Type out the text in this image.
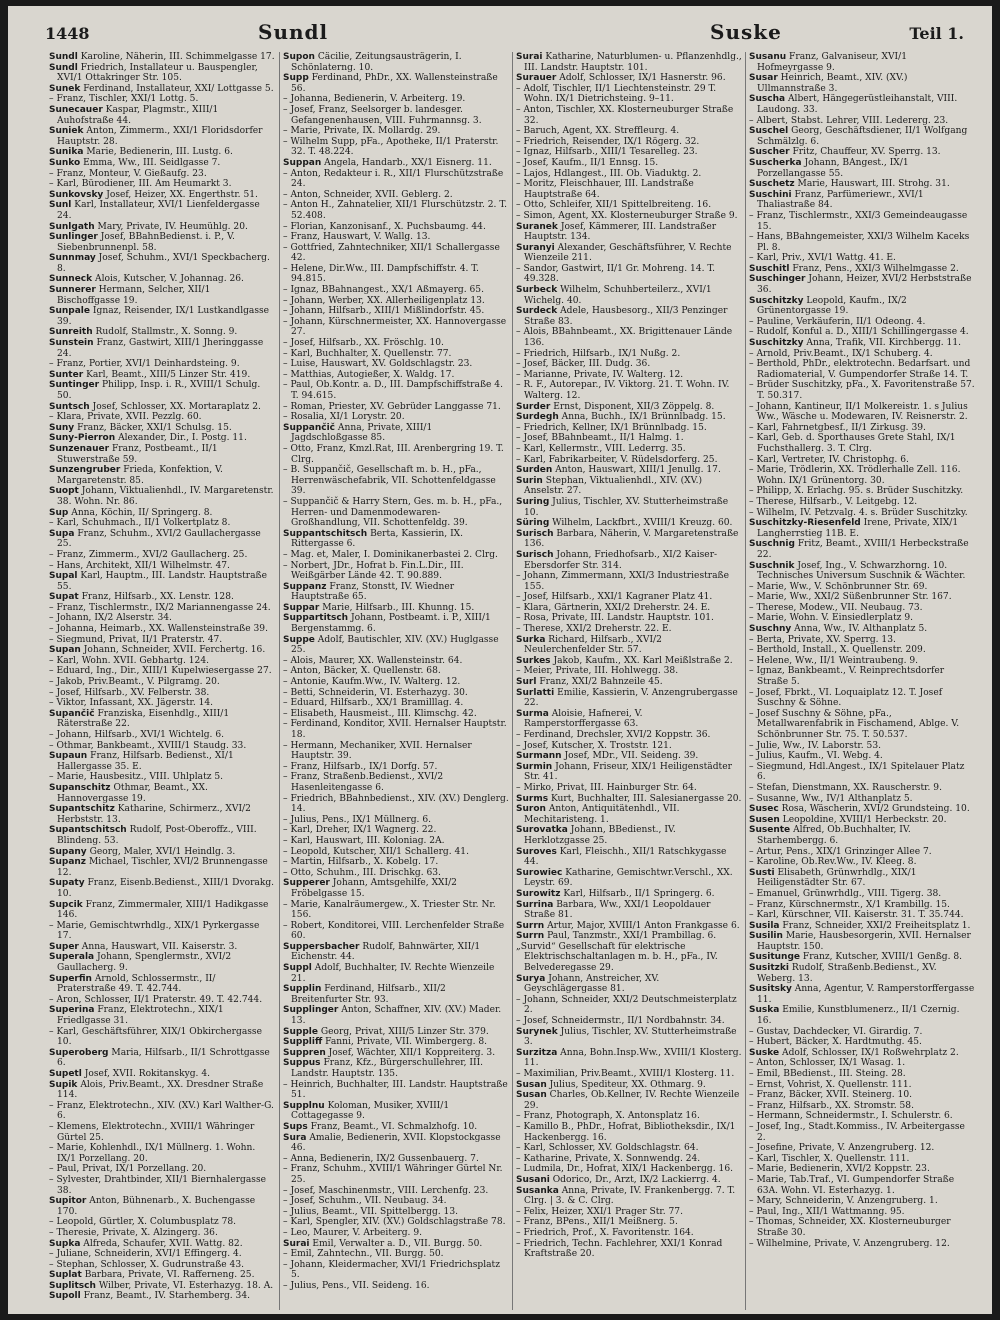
1448	Sundl	Suske	Teil 1.

Sundl Karoline, Näherin, III. Schimmelgasse 17.

Sundl Friedrich, Installateur u. Bauspengler, XVI/1 Ottakringer Str. 105.

Sunek Ferdinand, Installateur, XXI/ Lottgasse 5.

– Franz, Tischler, XXI/1 Lottg. 5.

Sunecauer Kaspar, Plagmstr., XIII/1 Auhofstraße 44.

Suniek Anton, Zimmerm., XXI/1 Floridsdorfer Hauptstr. 28.

Sunika Marie, Bedienerin, III. Lustg. 6.

Sunko Emma, Ww., III. Seidlgasse 7.

– Franz, Monteur, V. Gießaufg. 23.

– Karl, Bürodiener, III. Am Heumarkt 3.

Sunkovsky Josef, Heizer, XX. Engerthstr. 51.

Sunl Karl, Installateur, XVI/1 Lienfeldergasse 24.

Sunlgath Mary, Private, IV. Heumühlg. 20.

Sunlinger Josef, BBahnBedienst. i. P., V. Siebenbrunnenpl. 58.

Sunnmay Josef, Schuhm., XVI/1 Speckbacherg. 8.

Sunneck Alois, Kutscher, V. Johannag. 26.

Sunnerer Hermann, Selcher, XII/1 Bischoffgasse 19.

Sunpale Ignaz, Reisender, IX/1 Lustkandlgasse 39.

Sunreith Rudolf, Stallmstr., X. Sonng. 9.

Sunstein Franz, Gastwirt, XIII/1 Jheringgasse 24.

– Franz, Portier, XVI/1 Deinhardsteing. 9.

Sunter Karl, Beamt., XIII/5 Linzer Str. 419.

Suntinger Philipp, Insp. i. R., XVIII/1 Schulg. 50.

Suntsch Josef, Schlosser, XX. Mortaraplatz 2.

– Klara, Private, XVII. Pezzlg. 60.

Suny Franz, Bäcker, XXI/1 Schulsg. 15.

Suny-Pierron Alexander, Dir., I. Postg. 11.

Sunzenauer Franz, Postbeamt., II/1 Stuwerstraße 59.

Sunzengruber Frieda, Konfektion, V. Margaretenstr. 85.

Suopt Johann, Viktualienhdl., IV. Margaretenstr. 38. Wohn. Nr. 86.

Sup Anna, Köchin, II/ Springerg. 8.

– Karl, Schuhmach., II/1 Volkertplatz 8.

Supa Franz, Schuhm., XVI/2 Gaullachergasse 25.

– Franz, Zimmerm., XVI/2 Gaullacherg. 25.

– Hans, Architekt, XII/1 Wilhelmstr. 47.

Supal Karl, Hauptm., III. Landstr. Hauptstraße 55.

Supat Franz, Hilfsarb., XX. Lenstr. 128.

– Franz, Tischlermstr., IX/2 Mariannengasse 24.

– Johann, IX/2 Alserstr. 34.

– Johanna, Heimarb., XX. Wallensteinstraße 39.

– Siegmund, Privat, II/1 Praterstr. 47.

Supan Johann, Schneider, XVII. Ferchertg. 16.

– Karl, Wohn. XVII. Gebhartg. 124.

– Eduard, Ing., Dir., XIII/1 Kupelwiesergasse 27.

– Jakob, Priv.Beamt., V. Pilgramg. 20.

– Josef, Hilfsarb., XV. Felberstr. 38.

– Viktor, Infassant, XX. Jägerstr. 14.

Supančič Franziska, Eisenhdlg., XIII/1 Räterstraße 22.

– Johann, Hilfsarb., XVI/1 Wichtelg. 6.

– Othmar, Bankbeamt., XVIII/1 Staudg. 33.

Supaun Franz, Hilfsarb. Bedienst., XI/1 Hallergasse 35. E.

– Marie, Hausbesitz., VIII. Uhlplatz 5.

Supanschitz Othmar, Beamt., XX. Hannovergasse 19.

Supantschitz Katharine, Schirmerz., XVI/2 Herbststr. 13.

Supantschitsch Rudolf, Post-Oberoffz., VIII. Blindeng. 53.

Supany Georg, Maler, XVI/1 Heindlg. 3.

Supanz Michael, Tischler, XVI/2 Brunnengasse 12.

Supaty Franz, Eisenb.Bedienst., XIII/1 Dvorakg. 10.

Supcik Franz, Zimmermaler, XIII/1 Hadikgasse 146.

– Marie, Gemischtwrhdlg., XIX/1 Pyrkergasse 17.

Super Anna, Hauswart, VII. Kaiserstr. 3.

Superala Johann, Spenglermstr., XVI/2 Gaullacherg. 9.

Superfin Arnold, Schlossermstr., II/ Praterstraße 49. T. 42.744.

– Aron, Schlosser, II/1 Praterstr. 49. T. 42.744.

Superina Franz, Elektrotechn., XIX/1 Friedlgasse 31.

– Karl, Geschäftsführer, XIX/1 Obkirchergasse 10.

Superoberg Maria, Hilfsarb., II/1 Schrottgasse 6.

Supetl Josef, XVII. Rokitanskyg. 4.

Supik Alois, Priv.Beamt., XX. Dresdner Straße 114.

– Franz, Elektrotechn., XIV. (XV.) Karl Walther-G. 6.

– Klemens, Elektrotechn., XVIII/1 Währinger Gürtel 25.

– Marie, Kohlenhdl., IX/1 Müllnerg. 1. Wohn. IX/1 Porzellang. 20.

– Paul, Privat, IX/1 Porzellang. 20.

– Sylvester, Drahtbinder, XII/1 Biernhalergasse 38.

Supitor Anton, Bühnenarb., X. Buchengasse 170.

– Leopold, Gürtler, X. Columbusplatz 78.

– Theresie, Private, X. Alzingerg. 36.

Supka Alfreda, Schaufer, XVII. Wattg. 82.

– Juliane, Schneiderin, XVI/1 Effingerg. 4.

– Stephan, Schlosser, X. Gudrunstraße 43.

Suplat Barbara, Private, VI. Rafferneng. 25.

Suplitsch Wilber, Private, VI. Esterhazyg. 18. A.

Supoll Franz, Beamt., IV. Starhemberg. 34.

Supon Cäcilie, Zeitungsausträgerin, I. Schönlaterng. 10.

Supp Ferdinand, PhDr., XX. Wallensteinstraße 56.

– Johanna, Bedienerin, V. Arbeiterg. 19.

– Josef, Franz, Seelsorger b. landesger. Gefangenenhausen, VIII. Fuhrmannsg. 3.

– Marie, Private, IX. Mollardg. 29.

– Wilhelm Supp, pFa., Apotheke, II/1 Praterstr. 32. T. 48.224.

Suppan Angela, Handarb., XX/1 Eisnerg. 11.

– Anton, Redakteur i. R., XII/1 Flurschützstraße 24.

– Anton, Schneider, XVII. Geblerg. 2.

– Anton H., Zahnatelier, XII/1 Flurschützstr. 2. T. 52.408.

– Florian, Kanzonisanf., X. Puchsbaumg. 44.

– Franz, Hauswart, V. Wallg. 13.

– Gottfried, Zahntechniker, XII/1 Schallergasse 42.

– Helene, Dir.Ww., III. Dampfschiffstr. 4. T. 94.815.

– Ignaz, BBahnangest., XX/1 Aßmayerg. 65.

– Johann, Werber, XX. Allerheiligenplatz 13.

– Johann, Hilfsarb., XIII/1 Mißlindorfstr. 45.

– Johann, Kürschnermeister, XX. Hannovergasse 27.

– Josef, Hilfsarb., XX. Fröschlg. 10.

– Karl, Buchhalter, X. Quellenstr. 77.

– Luise, Hauswart, XV. Goldschlagstr. 23.

– Matthias, Autogießer, X. Waldg. 17.

– Paul, Ob.Kontr. a. D., III. Dampfschiffstraße 4. T. 94.615.

– Roman, Priester, XV. Gebrüder Langgasse 71.

– Rosalia, XI/1 Lorystr. 20.

Suppančič Anna, Private, XIII/1 Jagdschloßgasse 85.

– Otto, Franz, Kmzl.Rat, III. Arenbergring 19. T. Clrg.

– B. Suppančič, Gesellschaft m. b. H., pFa., Herrenwäschefabrik, VII. Schottenfeldgasse 39.

– Suppančič & Harry Stern, Ges. m. b. H., pFa., Herren- und Damenmodewaren-Großhandlung, VII. Schottenfeldg. 39.

Suppantschitsch Berta, Kassierin, IX. Rittergasse 6.

– Mag. et, Maler, I. Dominikanerbastei 2. Clrg.

– Norbert, JDr., Hofrat b. Fin.L.Dir., III. Weißgärber Lände 42. T. 90.889.

Suppanz Franz, Stonstt, IV. Wiedner Hauptstraße 65.

Suppar Marie, Hilfsarb., III. Khunng. 15.

Suppartitsch Johann, Postbeamt. i. P., XIII/1 Bergenstammg. 6.

Suppe Adolf, Bautischler, XIV. (XV.) Huglgasse 25.

– Alois, Maurer, XX. Wallensteinstr. 64.

– Anton, Bäcker, X. Quellenstr. 68.

– Antonie, Kaufm.Ww., IV. Walterg. 12.

– Betti, Schneiderin, VI. Esterhazyg. 30.

– Eduard, Hilfsarb., XX/1 Bramilllag. 4.

– Elisabeth, Hausmeist., III. Klimschg. 42.

– Ferdinand, Konditor, XVII. Hernalser Hauptstr. 18.

– Hermann, Mechaniker, XVII. Hernalser Hauptstr. 39.

– Franz, Hilfsarb., IX/1 Dorfg. 57.

– Franz, Straßenb.Bedienst., XVI/2 Hasenleitengasse 6.

– Friedrich, BBahnbedienst., XIV. (XV.) Denglerg. 14.

– Julius, Pens., IX/1 Müllnerg. 6.

– Karl, Dreher, IX/1 Wagnerg. 22.

– Karl, Hauswart, III. Koloniag. 2A.

– Leopold, Kutscher, XII/1 Schallerg. 41.

– Martin, Hilfsarb., X. Kobelg. 17.

– Otto, Schuhm., III. Drischkg. 63.

Supperer Johann, Amtsgehilfe, XXI/2 Fröbelgasse 15.

– Marie, Kanalräumergew., X. Triester Str. Nr. 156.

– Robert, Konditorei, VIII. Lerchenfelder Straße 60.

Suppersbacher Rudolf, Bahnwärter, XII/1 Eichenstr. 44.

Suppl Adolf, Buchhalter, IV. Rechte Wienzeile 21.

Supplin Ferdinand, Hilfsarb., XII/2 Breitenfurter Str. 93.

Supplinger Anton, Schaffner, XIV. (XV.) Mader. 13.

Supple Georg, Privat, XIII/5 Linzer Str. 379.

Suppliff Fanni, Private, VII. Wimbergerg. 8.

Suppren Josef, Wächter, XII/1 Koppreiterg. 3.

Suppus Franz, Kfz., Bürgerschullehrer, III. Landstr. Hauptstr. 135.

– Heinrich, Buchhalter, III. Landstr. Hauptstraße 51.

Supplnu Koloman, Musiker, XVIII/1 Cottagegasse 9.

Sups Franz, Beamt., VI. Schmalzhofg. 10.

Sura Amalie, Bedienerin, XVII. Klopstockgasse 46.

– Anna, Bedienerin, IX/2 Gussenbauerg. 7.

– Franz, Schuhm., XVIII/1 Währinger Gürtel Nr. 25.

– Josef, Maschinenmstr., VIII. Lerchenfg. 23.

– Josef, Schuhm., VII. Neubaug. 34.

– Julius, Beamt., VII. Spittelbergg. 13.

– Karl, Spengler, XIV. (XV.) Goldschlagstraße 78.

– Leo, Maurer, V. Arbeiterg. 9.

Surai Emil, Verwalter a. D., VII. Burgg. 50.

– Emil, Zahntechn., VII. Burgg. 50.

– Johann, Kleidermacher, XVI/1 Friedrichsplatz 5.

– Julius, Pens., VII. Seideng. 16.

Surai Katharine, Naturblumen- u. Pflanzenhdlg., III. Landstr. Hauptstr. 101.

Surauer Adolf, Schlosser, IX/1 Hasnerstr. 96.

– Adolf, Tischler, II/1 Liechtensteinstr. 29 T. Wohn. IX/1 Dietrichsteing. 9–11.

– Anton, Tischler, XX. Klosterneuburger Straße 32.

– Baruch, Agent, XX. Streffleurg. 4.

– Friedrich, Reisender, IX/1 Rögerg. 32.

– Ignaz, Hilfsarb., XIII/1 Tesarelleg. 23.

– Josef, Kaufm., II/1 Ennsg. 15.

– Lajos, Hdlangest., III. Ob. Viaduktg. 2.

– Moritz, Fleischhauer, III. Landstraße Hauptstraße 64.

– Otto, Schleifer, XII/1 Spittelbreiteng. 16.

– Simon, Agent, XX. Klosterneuburger Straße 9.

Suranek Josef, Kämmerer, III. Landstraßer Hauptstr. 134.

Suranyi Alexander, Geschäftsführer, V. Rechte Wienzeile 211.

– Sandor, Gastwirt, II/1 Gr. Mohreng. 14. T. 49.328.

Surbeck Wilhelm, Schuhberteilerz., XVI/1 Wichelg. 40.

Surdeck Adele, Hausbesorg., XII/3 Penzinger Straße 83.

– Alois, BBahnbeamt., XX. Brigittenauer Lände 136.

– Friedrich, Hilfsarb., IX/1 Nußg. 2.

– Josef, Bäcker, III. Dudg. 36.

– Marianne, Private, IV. Walterg. 12.

– R. F., Autorepar., IV. Viktorg. 21. T. Wohn. IV. Walterg. 12.

Surder Ernst, Disponent, XII/3 Zöppelg. 8.

Surdegh Anna, Buchh., IX/1 Brünnlbadg. 15.

– Friedrich, Kellner, IX/1 Brünnlbadg. 15.

– Josef, BBahnbeamt., II/1 Halmg. 1.

– Karl, Kellermstr., VIII. Lederrg. 35.

– Karl, Fabrikarbeiter, V. Rüdelsdorferg. 25.

Surden Anton, Hauswart, XIII/1 Jenullg. 17.

Surin Stephan, Viktualienhdl., XIV. (XV.) Anselstr. 27.

Suring Julius, Tischler, XV. Stutterheimstraße 10.

Süring Wilhelm, Lackfbrt., XVIII/1 Kreuzg. 60.

Surisch Barbara, Näherin, V. Margaretenstraße 136.

Surisch Johann, Friedhofsarb., XI/2 Kaiser-Ebersdorfer Str. 314.

– Johann, Zimmermann, XXI/3 Industriestraße 155.

– Josef, Hilfsarb., XXI/1 Kagraner Platz 41.

– Klara, Gärtnerin, XXI/2 Dreherstr. 24. E.

– Rosa, Private, III. Landstr. Hauptstr. 101.

– Therese, XXI/2 Dreherstr. 22. E.

Surka Richard, Hilfsarb., XVI/2 Neulerchenfelder Str. 57.

Surkes Jakob, Kaufm., XX. Karl Meißlstraße 2.

– Meier, Private, III. Hohlwegg. 38.

Surl Franz, XXI/2 Bahnzeile 45.

Surlatti Emilie, Kassierin, V. Anzengrubergasse 22.

Surma Aloisie, Hafnerei, V. Ramperstorffergasse 63.

– Ferdinand, Drechsler, XVI/2 Koppstr. 36.

– Josef, Kutscher, X. Troststr. 121.

Surmann Josef, MDr., VII. Seideng. 39.

Surmin Johann, Friseur, XIX/1 Heiligenstädter Str. 41.

– Mirko, Privat, III. Hainburger Str. 64.

Surms Kurt, Buchhalter, III. Salesianergasse 20.

Suron Anton, Antiquitätenhdl., VII. Mechitaristeng. 1.

Surovatka Johann, BBedienst., IV. Herklotzgasse 25.

Suroves Karl, Fleischh., XII/1 Ratschkygasse 44.

Surowiec Katharine, Gemischtwr.Verschl., XX. Leystr. 69.

Surowitz Karl, Hilfsarb., II/1 Springerg. 6.

Surrina Barbara, Ww., XXI/1 Leopoldauer Straße 81.

Surrn Artur, Major, XVIII/1 Anton Frankgasse 6.

Surrn Paul, Tanzmstr., XXI/1 Prambillag. 6.

„Survid“ Gesellschaft für elektrische Elektrischschaltanlagen m. b. H., pFa., IV. Belvederegasse 29.

Surya Johann, Anstreicher, XV. Geyschlägergasse 81.

– Johann, Schneider, XXI/2 Deutschmeisterplatz 2.

– Josef, Schneidermstr., II/1 Nordbahnstr. 34.

Surynek Julius, Tischler, XV. Stutterheimstraße 3.

Surzitza Anna, Bohn.Insp.Ww., XVIII/1 Klosterg. 11.

– Maximilian, Priv.Beamt., XVIII/1 Klosterg. 11.

Susan Julius, Spediteur, XX. Othmarg. 9.

Susan Charles, Ob.Kellner, IV. Rechte Wienzeile 29.

– Franz, Photograph, X. Antonsplatz 16.

– Kamillo B., PhDr., Hofrat, Bibliotheksdir., IX/1 Hackenbergg. 16.

– Karl, Schlosser, XV. Goldschlagstr. 64.

– Katharine, Private, X. Sonnwendg. 24.

– Ludmila, Dr., Hofrat, XIX/1 Hackenbergg. 16.

Susani Odorico, Dr., Arzt, IX/2 Lackierrg. 4.

Susanka Anna, Private, IV. Frankenbergg. 7. T. Clrg. | 3. & C. Clrg.

– Felix, Heizer, XXI/1 Prager Str. 77.

– Franz, BPens., XII/1 Meißnerg. 5.

– Friedrich, Prof., X. Favoritenstr. 164.

– Friedrich, Techn. Fachlehrer, XXI/1 Konrad Kraftstraße 20.

Susanu Franz, Galvaniseur, XVI/1 Hofmeyrgasse 9.

Susar Heinrich, Beamt., XIV. (XV.) Ullmannstraße 3.

Suscha Albert, Hängegerüstleihanstalt, VIII. Laudong. 33.

– Albert, Stabst. Lehrer, VIII. Ledererg. 23.

Suschel Georg, Geschäftsdiener, II/1 Wolfgang Schmälzlg. 6.

Suscher Fritz, Chauffeur, XV. Sperrg. 13.

Suscherka Johann, BAngest., IX/1 Porzellangasse 55.

Suschetz Marie, Hauswart, III. Strohg. 31.

Suschini Franz, Parfümeriewr., XVI/1 Thaliastraße 84.

– Franz, Tischlermstr., XXI/3 Gemeindeaugasse 15.

– Hans, BBahngemeister, XXI/3 Wilhelm Kaceks Pl. 8.

– Karl, Priv., XVI/1 Wattg. 41. E.

Suschitl Franz, Pens., XXI/3 Wilhelmgasse 2.

Suschinger Johann, Heizer, XVI/2 Herbststraße 36.

Suschitzky Leopold, Kaufm., IX/2 Grünentorgasse 19.

– Pauline, Verkäuferin, II/1 Odeong. 4.

– Rudolf, Konful a. D., XIII/1 Schillingergasse 4.

Suschitzky Anna, Trafik, VII. Kirchbergg. 11.

– Arnold, Priv.Beamt., IX/1 Schuberg. 4.

– Berthold, PhDr., elektrotechn. Bedarfsart. und Radiomaterial, V. Gumpendorfer Straße 14. T.

– Brüder Suschitzky, pFa., X. Favoritenstraße 57. T. 50.317.

– Johann, Kantineur, II/1 Molkereistr. 1. s Julius Ww., Wäsche u. Modewaren, IV. Reisnerstr. 2.

– Karl, Fahrnetgbesf., II/1 Zirkusg. 39.

– Karl, Geb. d. Sporthauses Grete Stahl, IX/1 Fuchsthallerg. 3. T. Clrg.

– Karl, Vertreter, IV. Christophg. 6.

– Marie, Trödlerin, XX. Trödlerhalle Zell. 116. Wohn. IX/1 Grünentorg. 30.

– Philipp, X. Erlachg. 95. s. Brüder Suschitzky.

– Therese, Hilfsarb., V. Leitgebg. 12.

– Wilhelm, IV. Petzvalg. 4. s. Brüder Suschitzky.

Suschitzky-Riesenfeld Irene, Private, XIX/1 Langherrstieg 11B. E.

Suschnig Fritz, Beamt., XVIII/1 Herbeckstraße 22.

Suschnik Josef, Ing., V. Schwarzhorng. 10. Technisches Universum Suschnik & Wächter.

– Marie, Ww., V. Schönbrunner Str. 69.

– Marie, Ww., XXI/2 Süßenbrunner Str. 167.

– Therese, Modew., VII. Neubaug. 73.

– Marie, Wohn. V. Einsiedlerplatz 9.

Suschny Anna, Ww., IV. Althanplatz 5.

– Berta, Private, XV. Sperrg. 13.

– Berthold, Install., X. Quellenstr. 209.

– Helene, Ww., II/1 Weintraubeng. 9.

– Ignaz, Bankbeamt., V. Reinprechtsdorfer Straße 5.

– Josef, Fbrkt., VI. Loquaiplatz 12. T. Josef Suschny & Söhne.

– Josef Suschny & Söhne, pFa., Metallwarenfabrik in Fischamend, Ablge. V. Schönbrunner Str. 75. T. 50.537.

– Julie, Ww., IV. Laborstr. 53.

– Julius, Kaufm., VI. Webg. 4.

– Siegmund, Hdl.Angest., IX/1 Spitelauer Platz 6.

– Stefan, Dienstmann, XX. Rauscherstr. 9.

– Susanne, Ww., IV/1 Althanplatz 5.

Susec Rosa, Wäscherin, XVI/2 Grundsteing. 10.

Susen Leopoldine, XVIII/1 Herbeckstr. 20.

Susente Alfred, Ob.Buchhalter, IV. Starhembergg. 6.

– Artur, Pens., XIX/1 Grinzinger Allee 7.

– Karoline, Ob.Rev.Ww., IV. Kleeg. 8.

Susti Elisabeth, Grünwrhdlg., XIX/1 Heiligenstädter Str. 67.

– Emanuel, Grünwrhdlg., VIII. Tigerg. 38.

– Franz, Kürschnermstr., X/1 Krambillg. 15.

– Karl, Kürschner, VII. Kaiserstr. 31. T. 35.744.

Susila Franz, Schneider, XXI/2 Freiheitsplatz 1.

Susilin Marie, Hausbesorgerin, XVII. Hernalser Hauptstr. 150.

Susitunge Franz, Kutscher, XVIII/1 Genßg. 8.

Susitzki Rudolf, Straßenb.Bedienst., XV. Weberg. 13.

Susitsky Anna, Agentur, V. Ramperstorffergasse 11.

Suska Emilie, Kunstblumenerz., II/1 Czernig. 16.

– Gustav, Dachdecker, VI. Girardig. 7.

– Hubert, Bäcker, X. Hardtmuthg. 45.

Suske Adolf, Schlosser, IX/1 Roßwehrplatz 2.

– Anton, Schlosser, IX/1 Wasag. 1.

– Emil, BBedienst., III. Steing. 28.

– Ernst, Vohrist, X. Quellenstr. 111.

– Franz, Bäcker, XVII. Steinerg. 10.

– Franz, Hilfsarb., XX. Stromstr. 58.

– Hermann, Schneidermstr., I. Schulerstr. 6.

– Josef, Ing., Stadt.Kommiss., IV. Arbeitergasse 2.

– Josefine, Private, V. Anzengruberg. 12.

– Karl, Tischler, X. Quellenstr. 111.

– Marie, Bedienerin, XVI/2 Koppstr. 23.

– Marie, Tab.Traf., VI. Gumpendorfer Straße 63A. Wohn. VI. Esterhazyg. 1.

– Mary, Schneiderin, V. Anzengruberg. 1.

– Paul, Ing., XII/1 Wattmanng. 95.

– Thomas, Schneider, XX. Klosterneuburger Straße 30.

– Wilhelmine, Private, V. Anzengruberg. 12.
